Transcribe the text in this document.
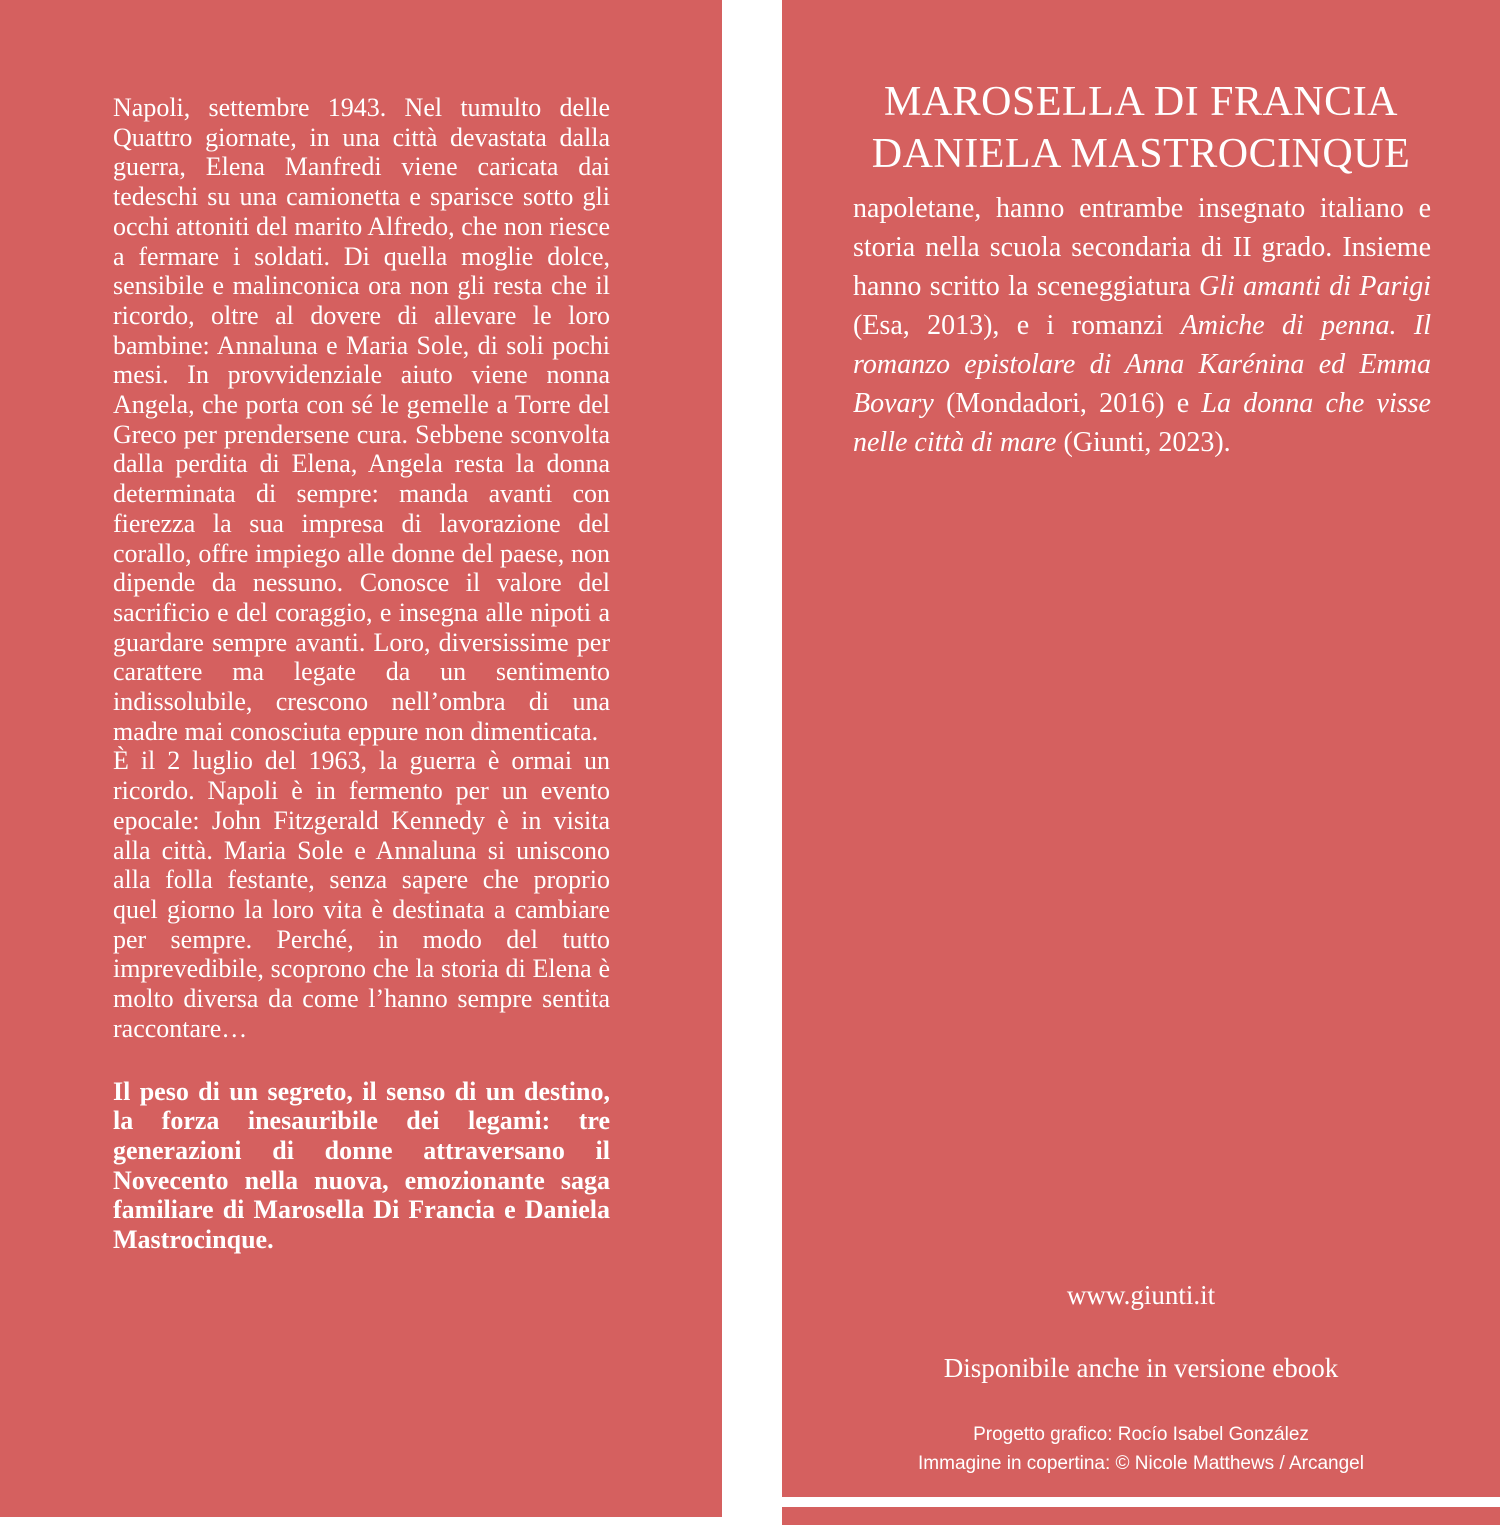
Napoli, settembre 1943. Nel tumulto delle Quattro giornate, in una città devastata dalla guerra, Elena Manfredi viene caricata dai tedeschi su una camionetta e sparisce sotto gli occhi attoniti del marito Alfredo, che non riesce a fermare i soldati. Di quella moglie dolce, sensibile e malinconica ora non gli resta che il ricordo, oltre al dovere di allevare le loro bambine: Annaluna e Maria Sole, di soli pochi mesi. In provvidenziale aiuto viene nonna Angela, che porta con sé le gemelle a Torre del Greco per prendersene cura. Sebbene sconvolta dalla perdita di Elena, Angela resta la donna determinata di sempre: manda avanti con fierezza la sua impresa di lavorazione del corallo, offre impiego alle donne del paese, non dipende da nessuno. Conosce il valore del sacrificio e del coraggio, e insegna alle nipoti a guardare sempre avanti. Loro, diversissime per carattere ma legate da un sentimento indissolubile, crescono nell’ombra di una madre mai conosciuta eppure non dimenticata.

È il 2 luglio del 1963, la guerra è ormai un ricordo. Napoli è in fermento per un evento epocale: John Fitzgerald Kennedy è in visita alla città. Maria Sole e Annaluna si uniscono alla folla festante, senza sapere che proprio quel giorno la loro vita è destinata a cambiare per sempre. Perché, in modo del tutto imprevedibile, scoprono che la storia di Elena è molto diversa da come l’hanno sempre sentita raccontare…

Il peso di un segreto, il senso di un destino, la forza inesauribile dei legami: tre generazioni di donne attraversano il Novecento nella nuova, emozionante saga familiare di Marosella Di Francia e Daniela Mastrocinque.

MAROSELLA DI FRANCIA
DANIELA MASTROCINQUE
napoletane, hanno entrambe insegnato italiano e storia nella scuola secondaria di II grado. Insieme hanno scritto la sceneggiatura Gli amanti di Parigi (Esa, 2013), e i romanzi Amiche di penna. Il romanzo epistolare di Anna Karénina ed Emma Bovary (Mondadori, 2016) e La donna che visse nelle città di mare (Giunti, 2023).
www.giunti.it
Disponibile anche in versione ebook
Progetto grafico: Rocío Isabel González
Immagine in copertina: © Nicole Matthews / Arcangel
